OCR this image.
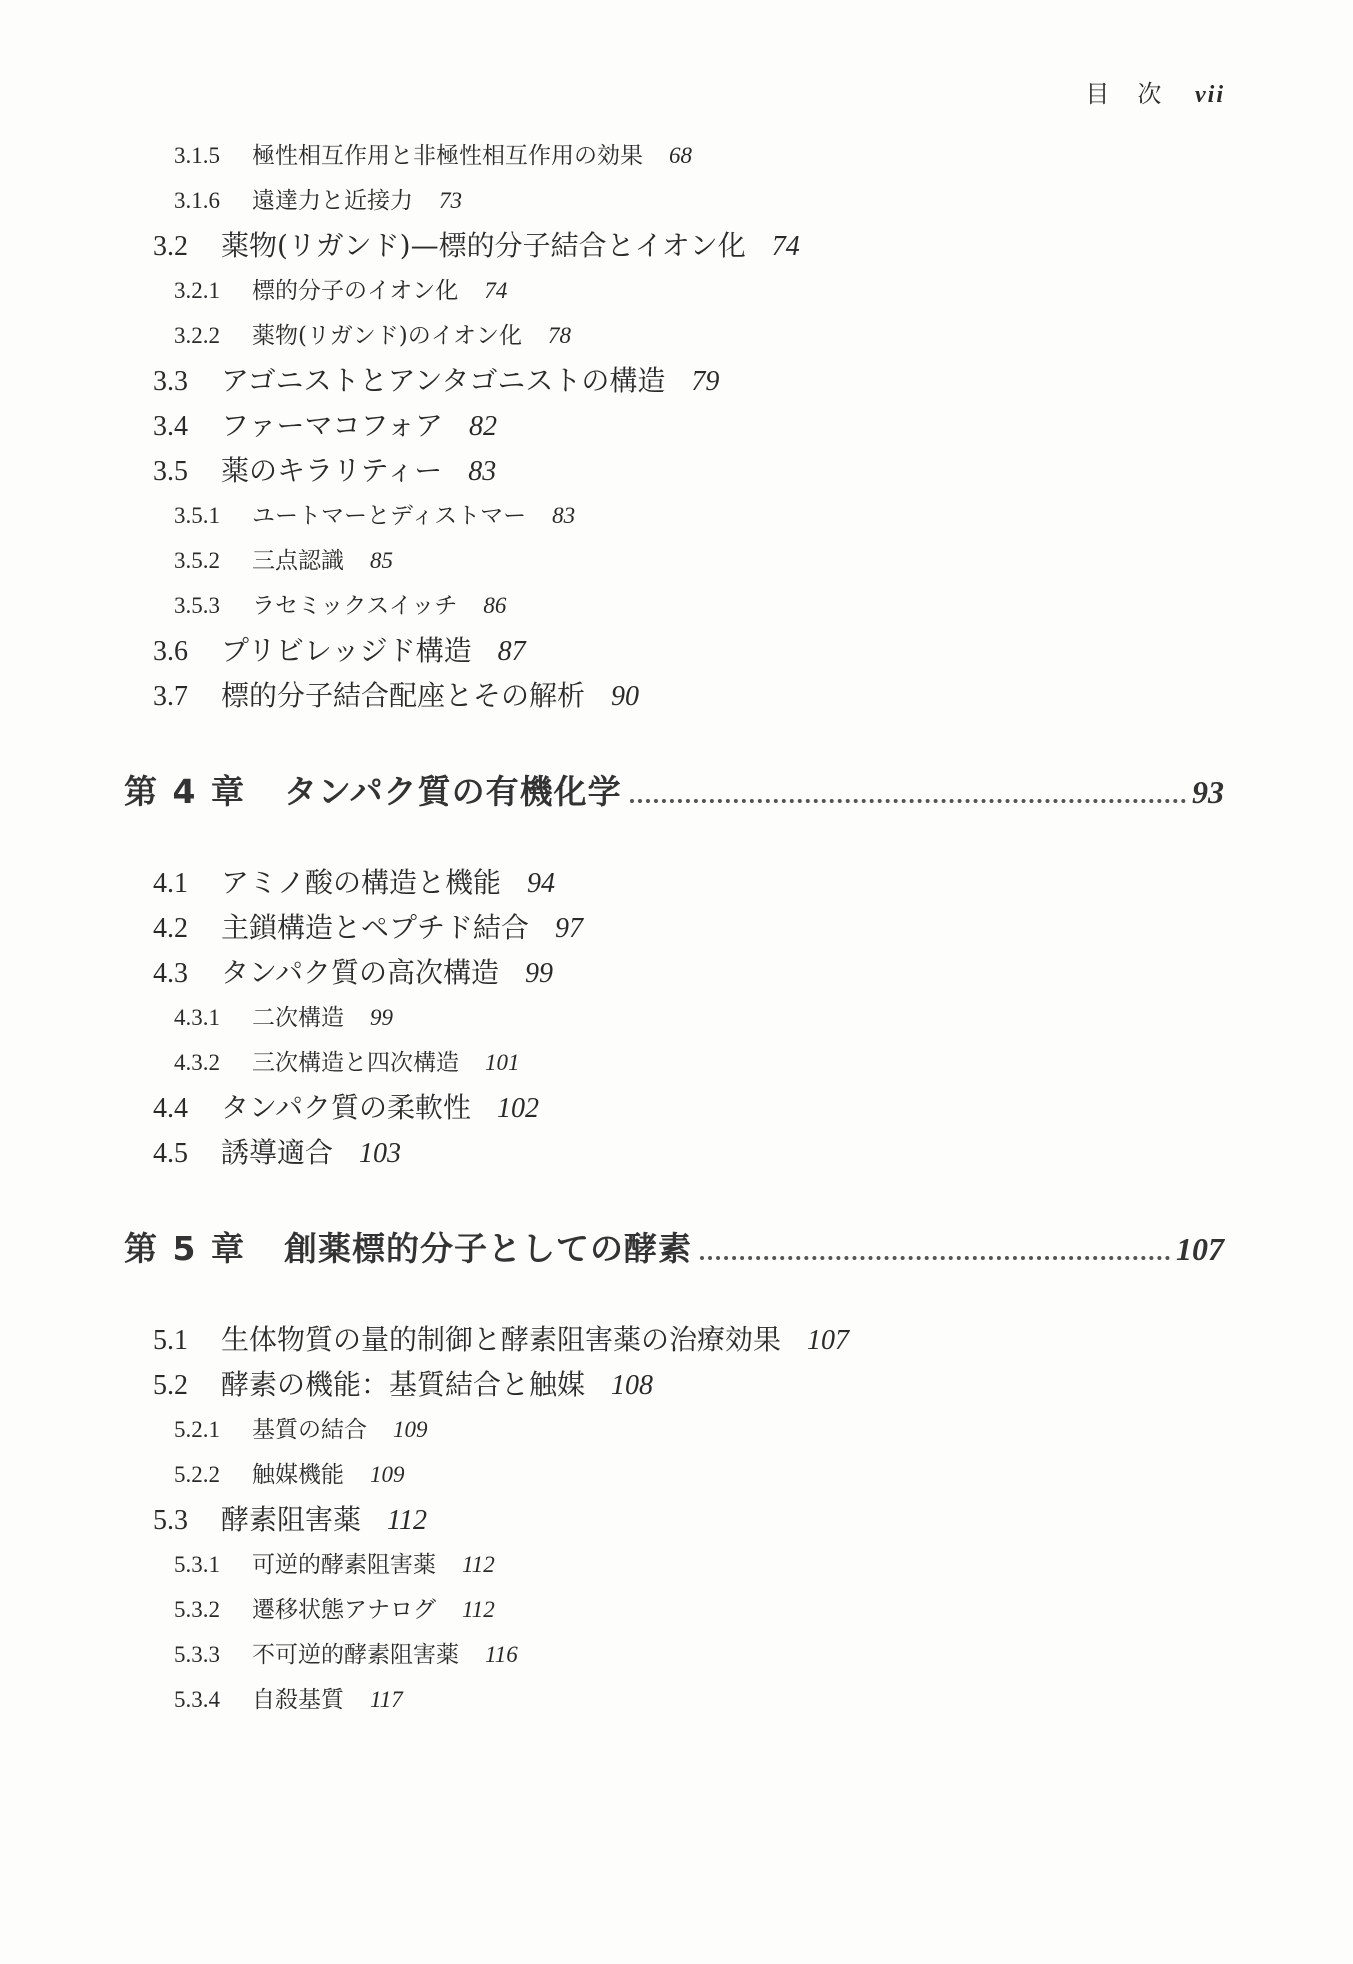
目　次 vii
3.1.5	極性相互作用と非極性相互作用の効果 68
3.1.6	遠達力と近接力 73
3.2	薬物(リガンド)—標的分子結合とイオン化 74
3.2.1	標的分子のイオン化 74
3.2.2	薬物(リガンド)のイオン化 78
3.3	アゴニストとアンタゴニストの構造 79
3.4	ファーマコフォア 82
3.5	薬のキラリティー 83
3.5.1	ユートマーとディストマー 83
3.5.2	三点認識 85
3.5.3	ラセミックスイッチ 86
3.6	プリビレッジド構造 87
3.7	標的分子結合配座とその解析 90
第 4 章 タンパク質の有機化学	93
4.1	アミノ酸の構造と機能 94
4.2	主鎖構造とペプチド結合 97
4.3	タンパク質の高次構造 99
4.3.1	二次構造 99
4.3.2	三次構造と四次構造 101
4.4	タンパク質の柔軟性 102
4.5	誘導適合 103
第 5 章 創薬標的分子としての酵素	107
5.1	生体物質の量的制御と酵素阻害薬の治療効果 107
5.2	酵素の機能：基質結合と触媒 108
5.2.1	基質の結合 109
5.2.2	触媒機能 109
5.3	酵素阻害薬 112
5.3.1	可逆的酵素阻害薬 112
5.3.2	遷移状態アナログ 112
5.3.3	不可逆的酵素阻害薬 116
5.3.4	自殺基質 117
